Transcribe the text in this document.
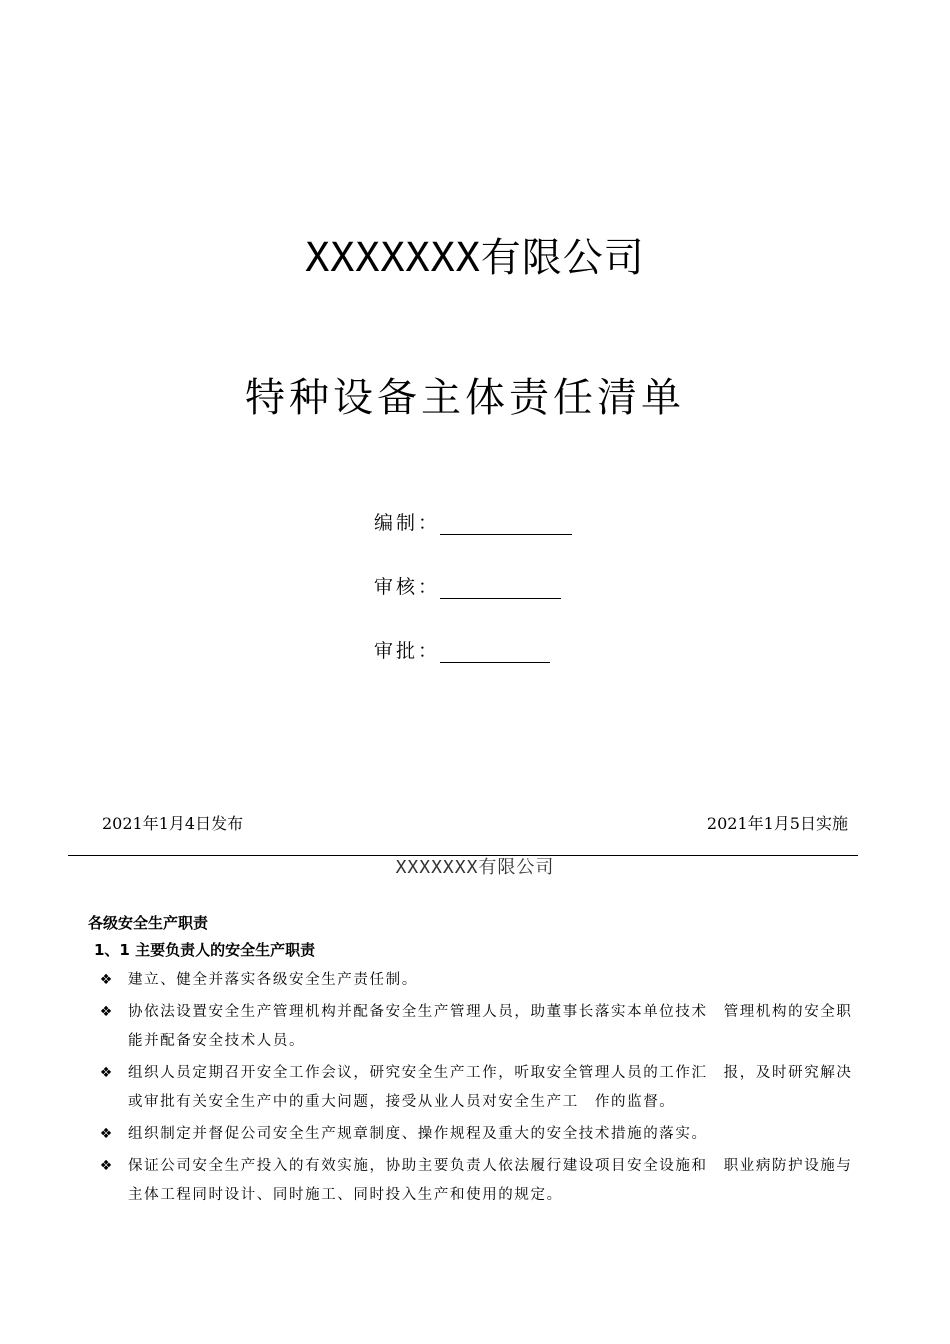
XXXXXXX有限公司
特种设备主体责任清单
编制：
审核：
审批：
2021年1月4日发布	2021年1月5日实施
XXXXXXX有限公司
各级安全生产职责
1、1 主要负责人的安全生产职责
❖ 建立、健全并落实各级安全生产责任制。
❖ 协依法设置安全生产管理机构并配备安全生产管理人员，助董事长落实本单位技术　管理机构的安全职能并配备安全技术人员。
❖ 组织人员定期召开安全工作会议，研究安全生产工作，听取安全管理人员的工作汇　报，及时研究解决或审批有关安全生产中的重大问题，接受从业人员对安全生产工　作的监督。
❖ 组织制定并督促公司安全生产规章制度、操作规程及重大的安全技术措施的落实。
❖ 保证公司安全生产投入的有效实施，协助主要负责人依法履行建设项目安全设施和　职业病防护设施与主体工程同时设计、同时施工、同时投入生产和使用的规定。
